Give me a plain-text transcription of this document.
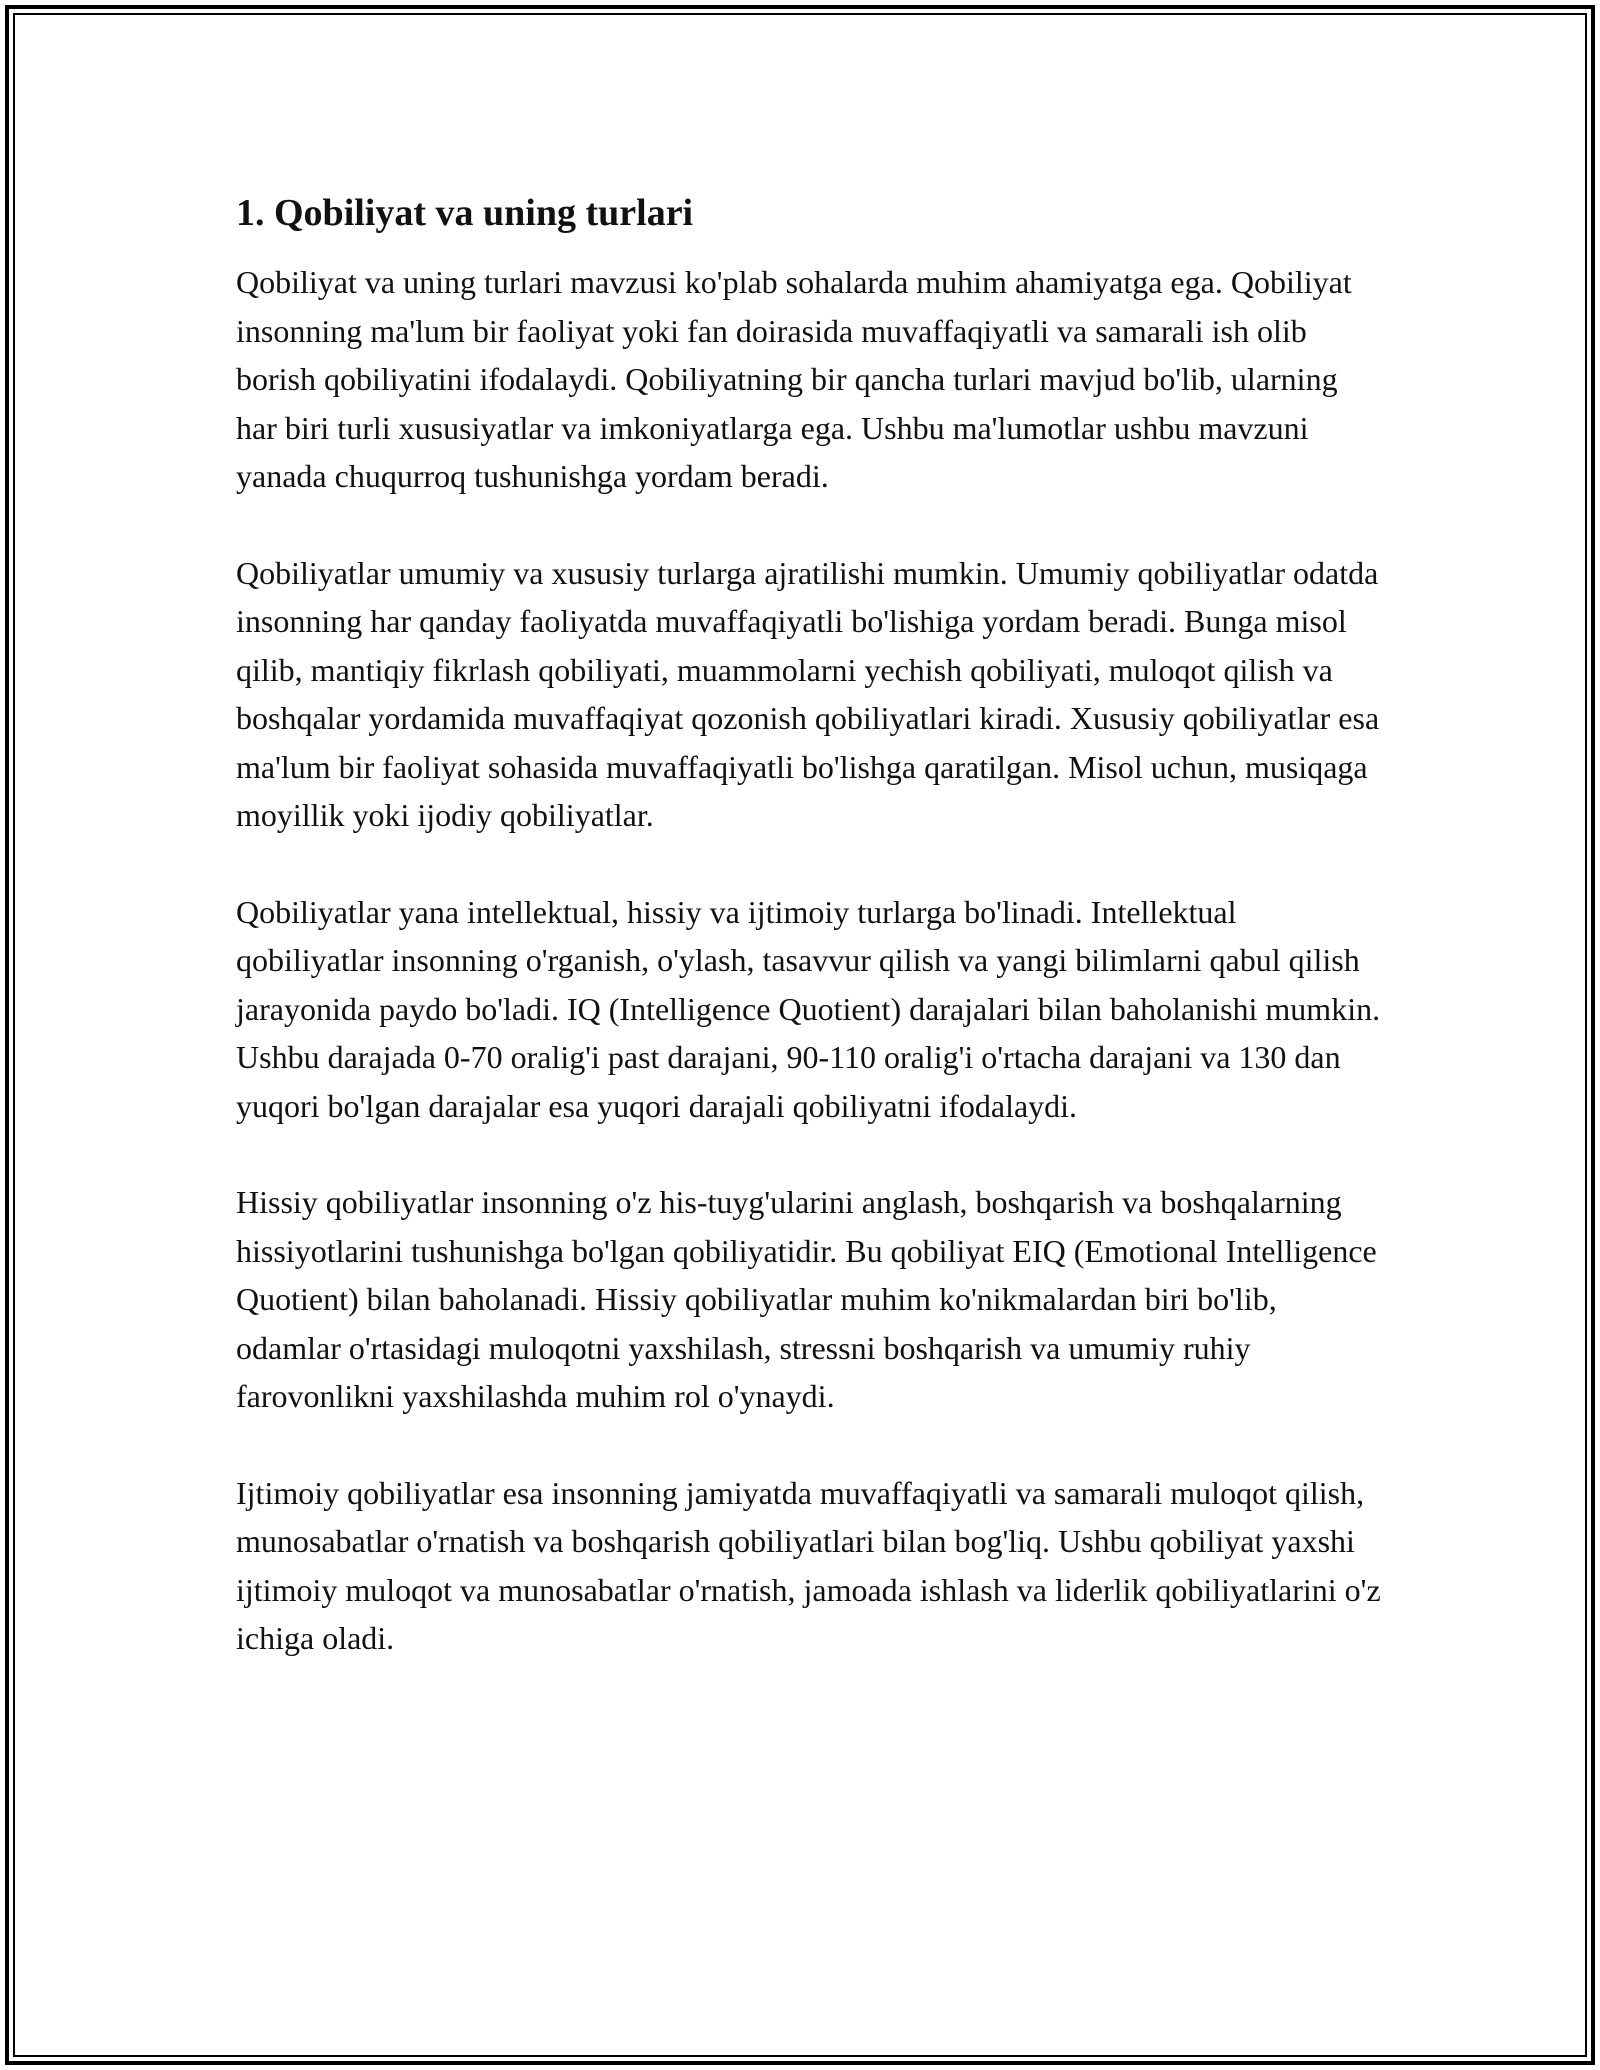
1. Qobiliyat va uning turlari

Qobiliyat va uning turlari mavzusi ko'plab sohalarda muhim ahamiyatga ega. Qobiliyat insonning ma'lum bir faoliyat yoki fan doirasida muvaffaqiyatli va samarali ish olib borish qobiliyatini ifodalaydi. Qobiliyatning bir qancha turlari mavjud bo'lib, ularning har biri turli xususiyatlar va imkoniyatlarga ega. Ushbu ma'lumotlar ushbu mavzuni yanada chuqurroq tushunishga yordam beradi.

Qobiliyatlar umumiy va xususiy turlarga ajratilishi mumkin. Umumiy qobiliyatlar odatda insonning har qanday faoliyatda muvaffaqiyatli bo'lishiga yordam beradi. Bunga misol qilib, mantiqiy fikrlash qobiliyati, muammolarni yechish qobiliyati, muloqot qilish va boshqalar yordamida muvaffaqiyat qozonish qobiliyatlari kiradi. Xususiy qobiliyatlar esa ma'lum bir faoliyat sohasida muvaffaqiyatli bo'lishga qaratilgan. Misol uchun, musiqaga moyillik yoki ijodiy qobiliyatlar.

Qobiliyatlar yana intellektual, hissiy va ijtimoiy turlarga bo'linadi. Intellektual qobiliyatlar insonning o'rganish, o'ylash, tasavvur qilish va yangi bilimlarni qabul qilish jarayonida paydo bo'ladi. IQ (Intelligence Quotient) darajalari bilan baholanishi mumkin. Ushbu darajada 0-70 oralig'i past darajani, 90-110 oralig'i o'rtacha darajani va 130 dan yuqori bo'lgan darajalar esa yuqori darajali qobiliyatni ifodalaydi.

Hissiy qobiliyatlar insonning o'z his-tuyg'ularini anglash, boshqarish va boshqalarning hissiyotlarini tushunishga bo'lgan qobiliyatidir. Bu qobiliyat EIQ (Emotional Intelligence Quotient) bilan baholanadi. Hissiy qobiliyatlar muhim ko'nikmalardan biri bo'lib, odamlar o'rtasidagi muloqotni yaxshilash, stressni boshqarish va umumiy ruhiy farovonlikni yaxshilashda muhim rol o'ynaydi.

Ijtimoiy qobiliyatlar esa insonning jamiyatda muvaffaqiyatli va samarali muloqot qilish, munosabatlar o'rnatish va boshqarish qobiliyatlari bilan bog'liq. Ushbu qobiliyat yaxshi ijtimoiy muloqot va munosabatlar o'rnatish, jamoada ishlash va liderlik qobiliyatlarini o'z ichiga oladi.
